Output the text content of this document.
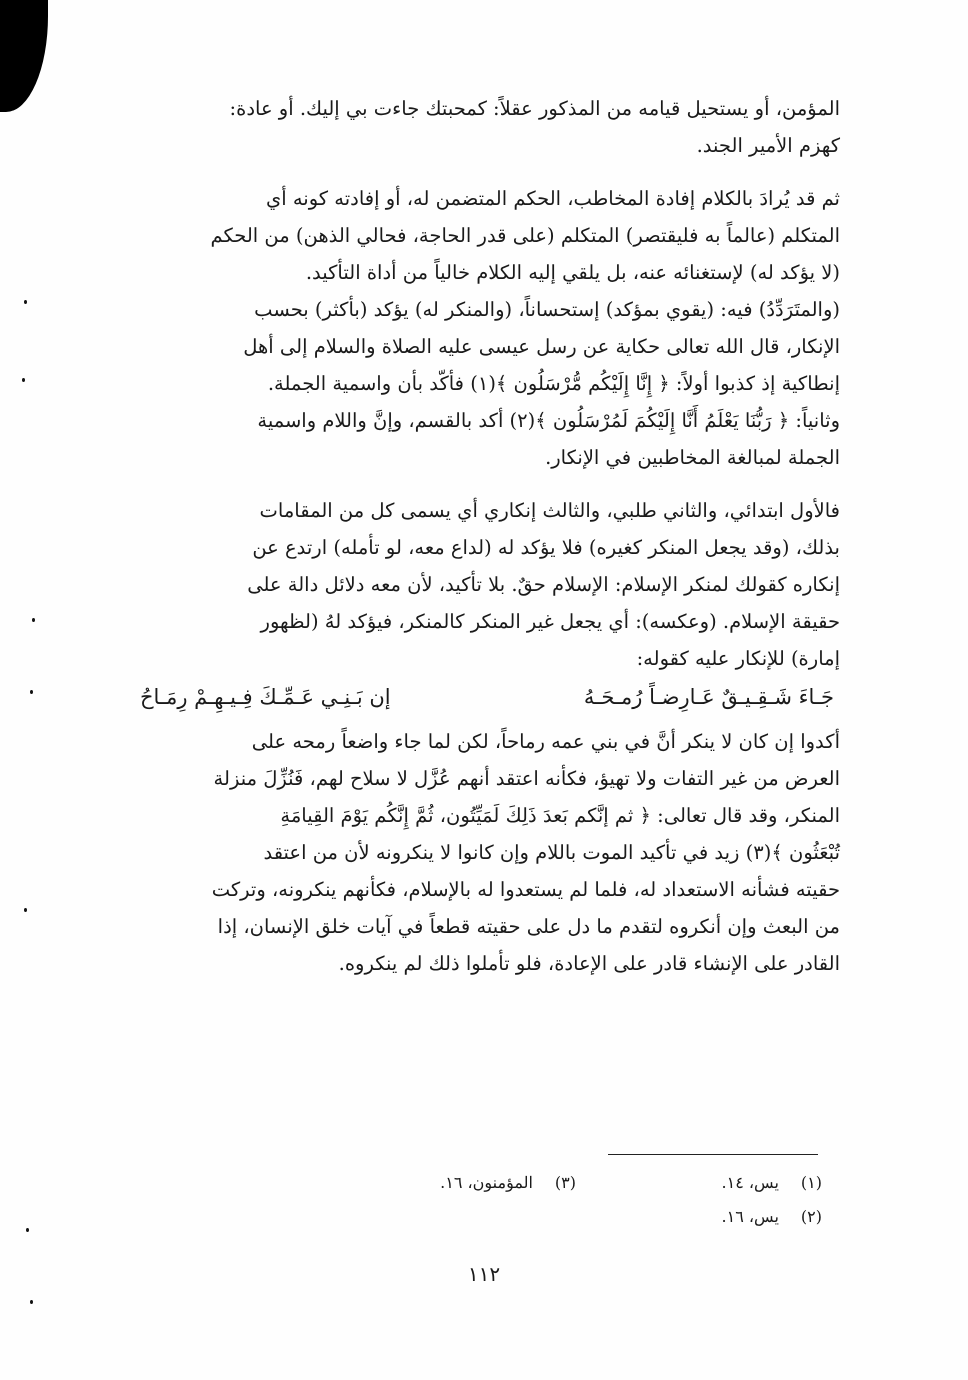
المؤمن، أو يستحيل قيامه من المذكور عقلاً: كمحبتك جاءت بي إليك. أو عادة:
كهزم الأمير الجند.
ثم قد يُرادَ بالكلام إفادة المخاطب، الحكم المتضمن له، أو إفادته كونه أي
المتكلم (عالماً به فليقتصر) المتكلم (على قدر الحاجة، فحالي الذهن) من الحكم
(لا يؤكد له) لإستغنائه عنه، بل يلقي إليه الكلام خالياً من أداة التأكيد.
(والمتَرَدِّدُ) فيه: (يقوي بمؤكد) إستحساناً، (والمنكر له) يؤكد (بأكثر) بحسب
الإنكار، قال الله تعالى حكاية عن رسل عيسى عليه الصلاة والسلام إلى أهل
إنطاكية إذ كذبوا أولاً: ﴿ إِنَّا إِلَيْكُم مُّرْسَلُون ﴾(١) فأكّد بأن واسمية الجملة.
وثانياً: ﴿ رَبُّنَا يَعْلَمُ أَنَّا إِلَيْكُمَ لَمُرْسَلُون ﴾(٢) أكد بالقسم، وإنَّ واللام واسمية
الجملة لمبالغة المخاطبين في الإنكار.
فالأول ابتدائي، والثاني طلبي، والثالث إنكاري أي يسمى كل من المقامات
بذلك، (وقد يجعل المنكر كغيره) فلا يؤكد له (لداع معه، لو تأمله) ارتدع عن
إنكاره كقولك لمنكر الإسلام: الإسلام حقٌ. بلا تأكيد، لأن معه دلائل دالة على
حقيقة الإسلام. (وعكسه): أي يجعل غير المنكر كالمنكر، فيؤكد لهُ (لظهور
إمارة) للإنكار عليه كقوله:
جَـاءَ شَـقِـيـقٌ عَـارِضـاً رُمـحَـهُ
إن بَـنِـي عَـمِّـكَ فِـيـهِـمْ رِمَـاحُ
أكدوا إن كان لا ينكر أنَّ في بني عمه رماحاً، لكن لما جاء واضعاً رمحه على
العرض من غير التفات ولا تهيؤ، فكأنه اعتقد أنهم عُزَّل لا سلاح لهم، فَنُزِّلَ منزلة
المنكر، وقد قال تعالى: ﴿ ثم إنَّكم بَعدَ ذَلِكَ لَمَيِّتُون، ثُمَّ إِنَّكُم يَوْمَ القِيامَةِ
تُبْعَثُون ﴾(٣) زيد في تأكيد الموت باللام وإن كانوا لا ينكرونه لأن من اعتقد
حقيته فشأنه الاستعداد له، فلما لم يستعدوا له بالإسلام، فكأنهم ينكرونه، وتركت
من البعث وإن أنكروه لتقدم ما دل على حقيته قطعاً في آيات خلق الإنسان، إذا
القادر على الإنشاء قادر على الإعادة، فلو تأملوا ذلك لم ينكروه.
(١) يس، ١٤.
(٣) المؤمنون، ١٦.
(٢) يس، ١٦.
١١٢
